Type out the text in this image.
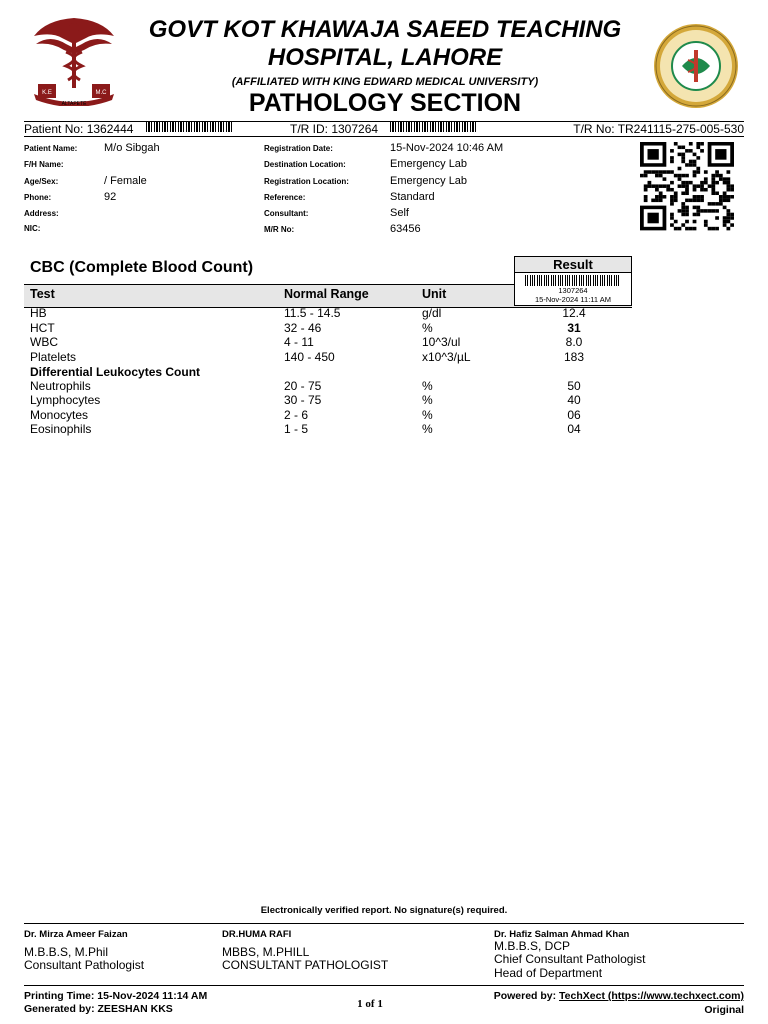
K.E	M.C
ALTAPETE
GOVT KOT KHAWAJA SAEED TEACHING
HOSPITAL, LAHORE
(AFFILIATED WITH KING EDWARD MEDICAL UNIVERSITY)
PATHOLOGY SECTION
Patient No: 1362444	T/R ID: 1307264	T/R No: TR241115-275-005-530
Patient Name: M/o Sibgah
F/H Name:
Age/Sex:	/ Female
Phone:	92
Address:
NIC:
Registration Date:	15-Nov-2024 10:46 AM
Destination Location:	Emergency Lab
Registration Location:	Emergency Lab
Reference:	Standard
Consultant:	Self
M/R No:	63456
CBC (Complete Blood Count)
Test	Normal Range	Unit
Result
1307264
15-Nov-2024 11:11 AM
HB	11.5 - 14.5	g/dl	12.4
HCT	32 - 46	%	31
WBC	4 - 11	10^3/ul	8.0
Platelets	140 - 450	x10^3/µL	183
Differential Leukocytes Count
Neutrophils	20 - 75	%	50
Lymphocytes	30 - 75	%	40
Monocytes	2 - 6	%	06
Eosinophils	1 - 5	%	04
Electronically verified report. No signature(s) required.
Dr. Mirza Ameer Faizan
M.B.B.S, M.Phil
Consultant Pathologist
DR.HUMA RAFI
MBBS, M.PHILL
CONSULTANT PATHOLOGIST
Dr. Hafiz Salman Ahmad Khan
M.B.B.S, DCP
Chief Consultant Pathologist
Head of Department
Printing Time: 15-Nov-2024 11:14 AM
Generated by: ZEESHAN KKS	1 of 1
Powered by: TechXect (https://www.techxect.com)
Original
